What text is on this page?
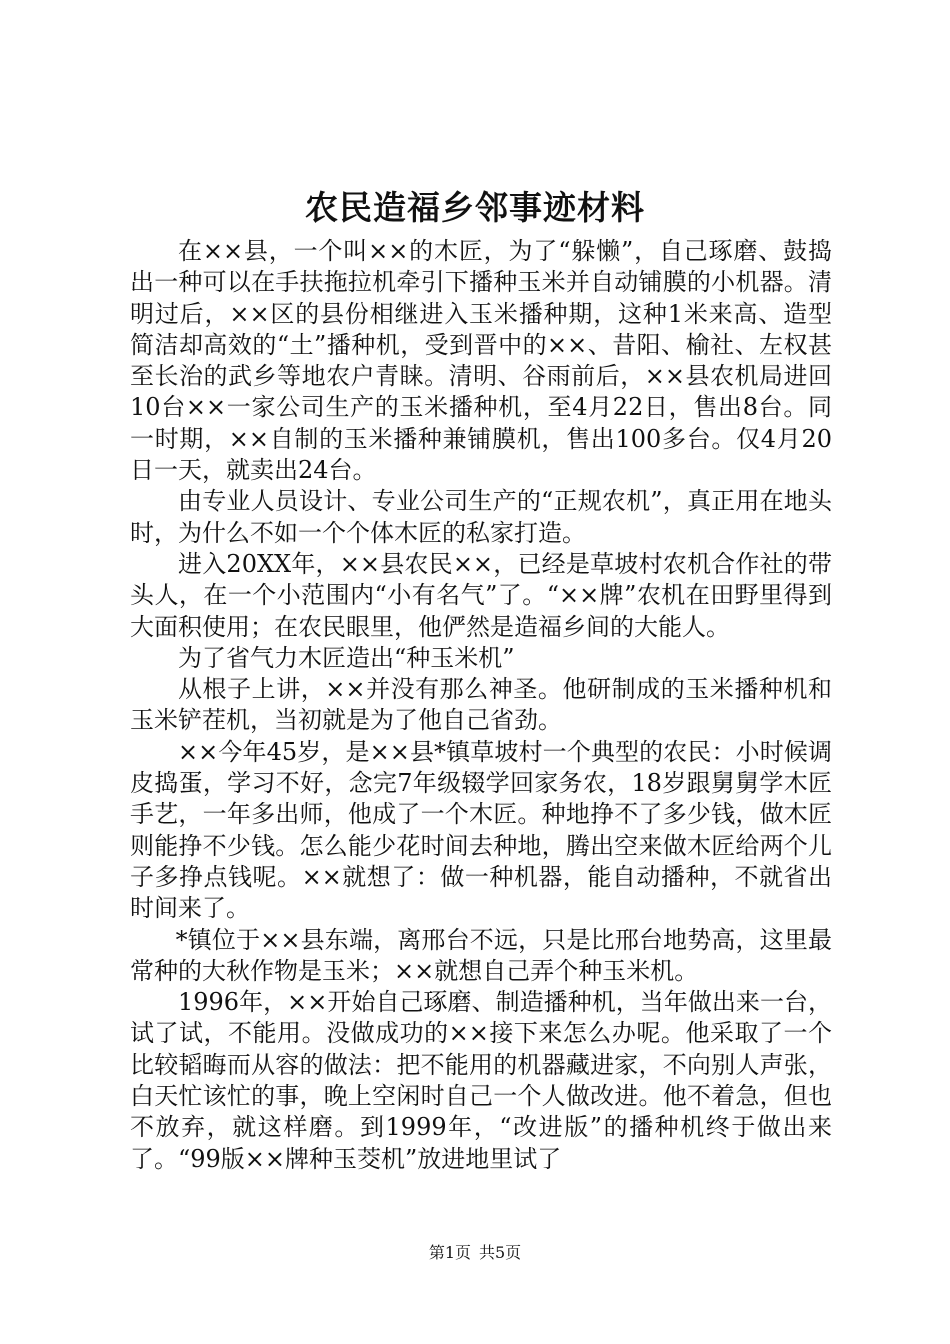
农民造福乡邻事迹材料

在××县，一个叫××的木匠，为了“躲懒”，自己琢磨、鼓捣出一种可以在手扶拖拉机牵引下播种玉米并自动铺膜的小机器。清明过后，××区的县份相继进入玉米播种期，这种1米来高、造型简洁却高效的“土”播种机，受到晋中的××、昔阳、榆社、左权甚至长治的武乡等地农户青睐。清明、谷雨前后，××县农机局进回10台××一家公司生产的玉米播种机，至4月22日，售出8台。同一时期，××自制的玉米播种兼铺膜机，售出100多台。仅4月20日一天，就卖出24台。

由专业人员设计、专业公司生产的“正规农机”，真正用在地头时，为什么不如一个个体木匠的私家打造。

进入20XX年，××县农民××，已经是草坡村农机合作社的带头人，在一个小范围内“小有名气”了。“××牌”农机在田野里得到大面积使用；在农民眼里，他俨然是造福乡间的大能人。

为了省气力木匠造出“种玉米机”

从根子上讲，××并没有那么神圣。他研制成的玉米播种机和玉米铲茬机，当初就是为了他自己省劲。

××今年45岁，是××县*镇草坡村一个典型的农民：小时候调皮捣蛋，学习不好，念完7年级辍学回家务农，18岁跟舅舅学木匠手艺，一年多出师，他成了一个木匠。种地挣不了多少钱，做木匠则能挣不少钱。怎么能少花时间去种地，腾出空来做木匠给两个儿子多挣点钱呢。××就想了：做一种机器，能自动播种，不就省出时间来了。

*镇位于××县东端，离邢台不远，只是比邢台地势高，这里最常种的大秋作物是玉米；××就想自己弄个种玉米机。

1996年，××开始自己琢磨、制造播种机，当年做出来一台，试了试，不能用。没做成功的××接下来怎么办呢。他采取了一个比较韬晦而从容的做法：把不能用的机器藏进家，不向别人声张，白天忙该忙的事，晚上空闲时自己一个人做改进。他不着急，但也不放弃，就这样磨。到1999年，“改进版”的播种机终于做出来了。“99版××牌种玉茭机”放进地里试了

第1页 共5页
